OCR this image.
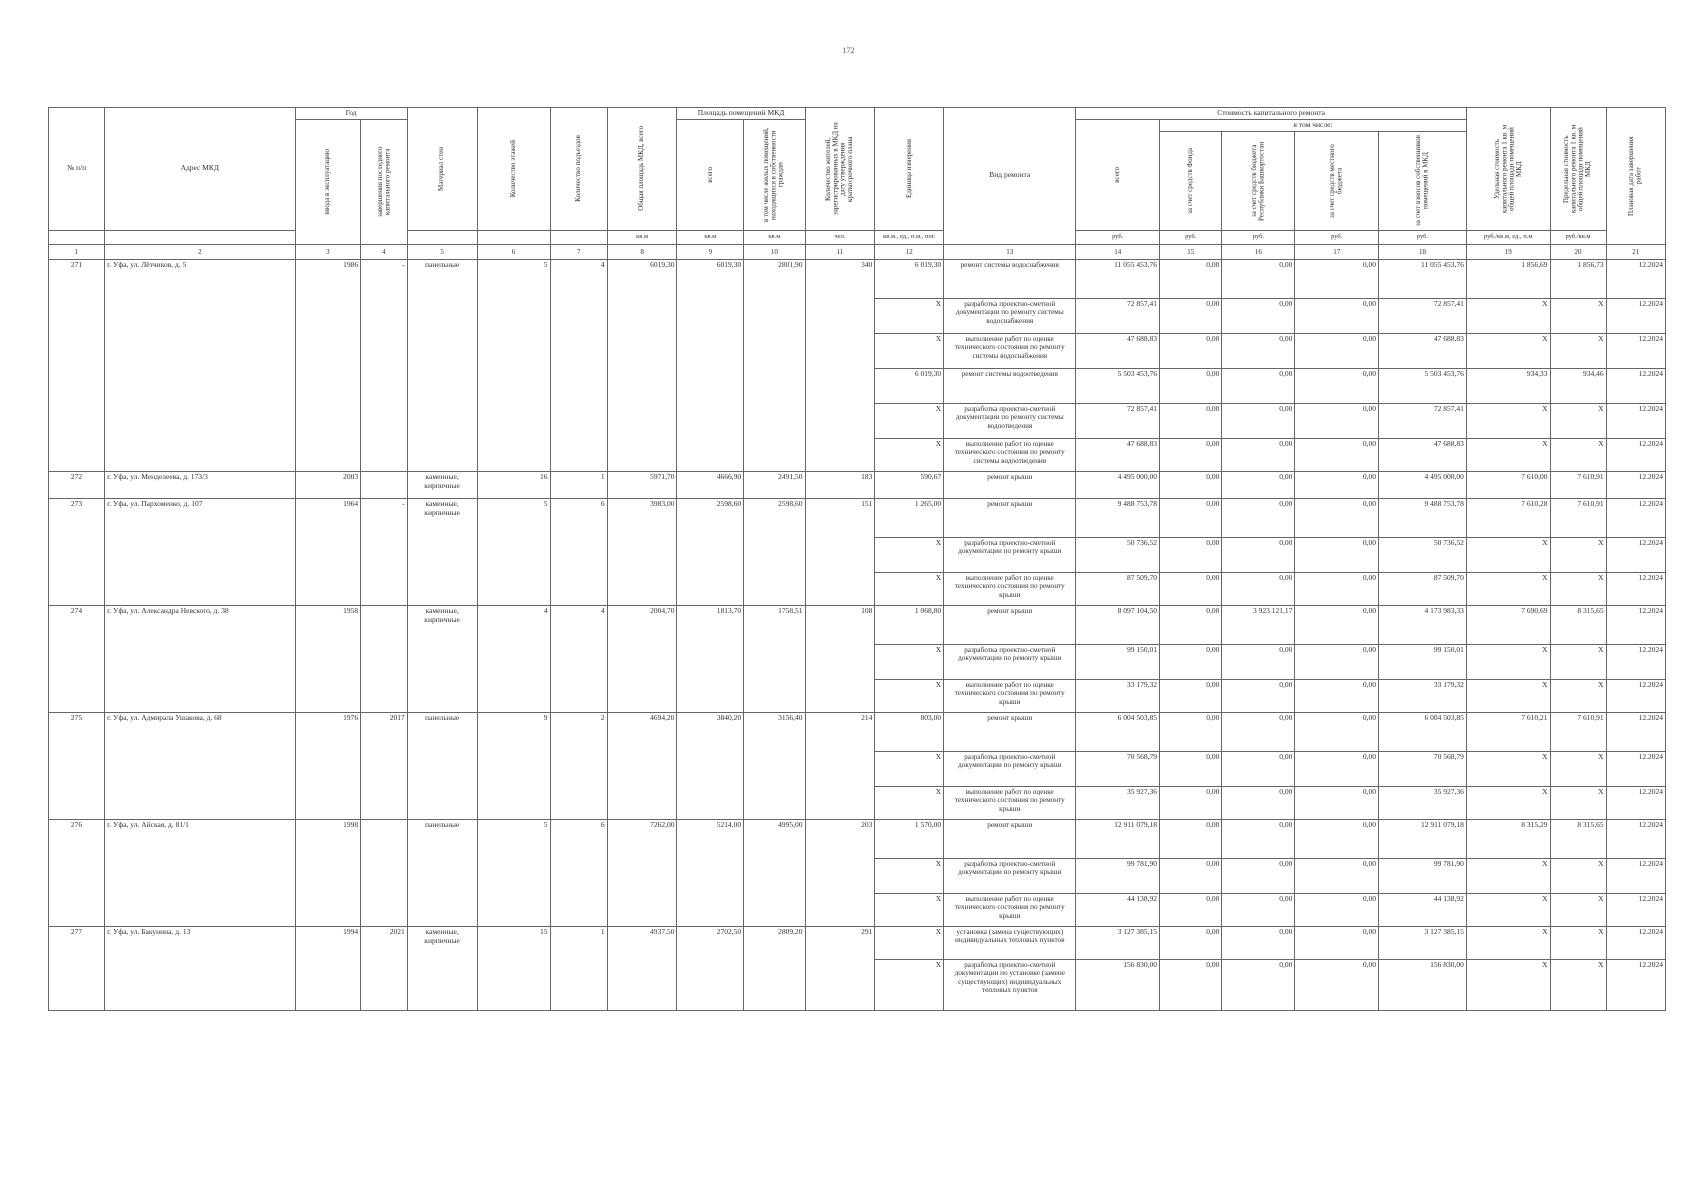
172
№ п/п	Адрес МКД	Год		Материал стен	Количество этажей	Количество подъездов	Общая площадь МКД, всего	Площадь помещений МКД		Количество жителей, зарегистрированных в МКД на дату утверждения краткосрочного плана	Единица измерения	Вид ремонта	Стоимость капитального ремонта					Удельная стоимость капитального ремонта 1 кв. м общей площади помещений МКД	Предельная стоимость капитального ремонта 1 кв. м общей площади помещений МКД	Плановая дата завершения работ

		ввода в эксплуатацию	завершения последнего капитального ремонта					всего	в том числе жилых помещений, находящихся в собственности граждан				всего	в том числе:						

														за счет средств Фонда	за счет средств бюджета Республики Башкортостан	за счет средств местного бюджета	за счет взносов собственников помещений в МКД			

							кв.м	кв.м	кв.м	чел.	кв.м., ед., п.м., пог.		руб.	руб.	руб.	руб.	руб.	руб./кв.м, ед., п.м	руб./кв.м	
1	2	3	4	5	6	7	8	9	10	11	12	13	14	15	16	17	18	19	20	21
271	г. Уфа, ул. Лётчиков, д. 5	1986	-	панельные	5	4	6019,30	6019,30	2801,90	340	6 019,30	ремонт системы водоснабжения	11 055 453,76	0,00	0,00	0,00	11 055 453,76	1 856,69	1 856,73	12.2024
											X	разработка проектно-сметной документации по ремонту системы водоснабжения	72 857,41	0,00	0,00	0,00	72 857,41	X	X	12.2024
											X	выполнение работ по оценке технического состояния по ремонту системы водоснабжения	47 688,83	0,00	0,00	0,00	47 688,83	X	X	12.2024
											6 019,30	ремонт системы водоотведения	5 503 453,76	0,00	0,00	0,00	5 503 453,76	934,33	934,46	12.2024
											X	разработка проектно-сметной документации по ремонту системы водоотведения	72 857,41	0,00	0,00	0,00	72 857,41	X	X	12.2024
											X	выполнение работ по оценке технического состояния по ремонту системы водоотведения	47 688,83	0,00	0,00	0,00	47 688,83	X	X	12.2024
272	г. Уфа, ул. Менделеева, д. 173/3	2003		каменные, кирпичные	16	1	5971,70	4666,90	2491,50	183	590,67	ремонт крыши	4 495 000,00	0,00	0,00	0,00	4 495 000,00	7 610,00	7 610,91	12.2024
273	г. Уфа, ул. Пархоменко, д. 107	1964	-	каменные, кирпичные	5	6	3983,00	2598,60	2598,60	151	1 265,00	ремонт крыши	9 488 753,78	0,00	0,00	0,00	9 488 753,78	7 610,28	7 610,91	12.2024
											X	разработка проектно-сметной документации по ремонту крыши	50 736,52	0,00	0,00	0,00	50 736,52	X	X	12.2024
											X	выполнение работ по оценке технического состояния по ремонту крыши	87 509,70	0,00	0,00	0,00	87 509,70	X	X	12.2024
274	г. Уфа, ул. Александра Невского, д. 38	1958		каменные, кирпичные	4	4	2004,70	1813,70	1758,51	108	1 068,80	ремонт крыши	8 097 104,50	0,00	3 923 121,17	0,00	4 173 983,33	7 690,69	8 315,65	12.2024
											X	разработка проектно-сметной документации по ремонту крыши	99 150,01	0,00	0,00	0,00	99 150,01	X	X	12.2024
											X	выполнение работ по оценке технического состояния по ремонту крыши	33 179,32	0,00	0,00	0,00	33 179,32	X	X	12.2024
275	г. Уфа, ул. Адмирала Ушакова, д. 68	1976	2017	панельные	9	2	4694,20	3840,20	3156,40	214	803,00	ремонт крыши	6 004 503,85	0,00	0,00	0,00	6 004 503,85	7 610,21	7 610,91	12.2024
											X	разработка проектно-сметной документации по ремонту крыши	70 568,79	0,00	0,00	0,00	70 568,79	X	X	12.2024
											X	выполнение работ по оценке технического состояния по ремонту крыши	35 927,36	0,00	0,00	0,00	35 927,36	X	X	12.2024
276	г. Уфа, ул. Айская, д. 81/1	1998		панельные	5	6	7262,00	5214,00	4995,00	203	1 570,00	ремонт крыши	12 911 079,18	0,00	0,00	0,00	12 911 079,18	8 315,29	8 315,65	12.2024
											X	разработка проектно-сметной документации по ремонту крыши	99 781,90	0,00	0,00	0,00	99 781,90	X	X	12.2024
											X	выполнение работ по оценке технического состояния по ремонту крыши	44 138,92	0,00	0,00	0,00	44 138,92	X	X	12.2024
277	г. Уфа, ул. Бакунина, д. 13	1994	2021	каменные, кирпичные	15	1	4937,50	2702,50	2809,20	291	X	установка (замена существующих) индивидуальных тепловых пунктов	3 127 385,15	0,00	0,00	0,00	3 127 385,15	X	X	12.2024
											X	разработка проектно-сметной документации по установке (замене существующих) индивидуальных тепловых пунктов	156 830,00	0,00	0,00	0,00	156 830,00	X	X	12.2024
